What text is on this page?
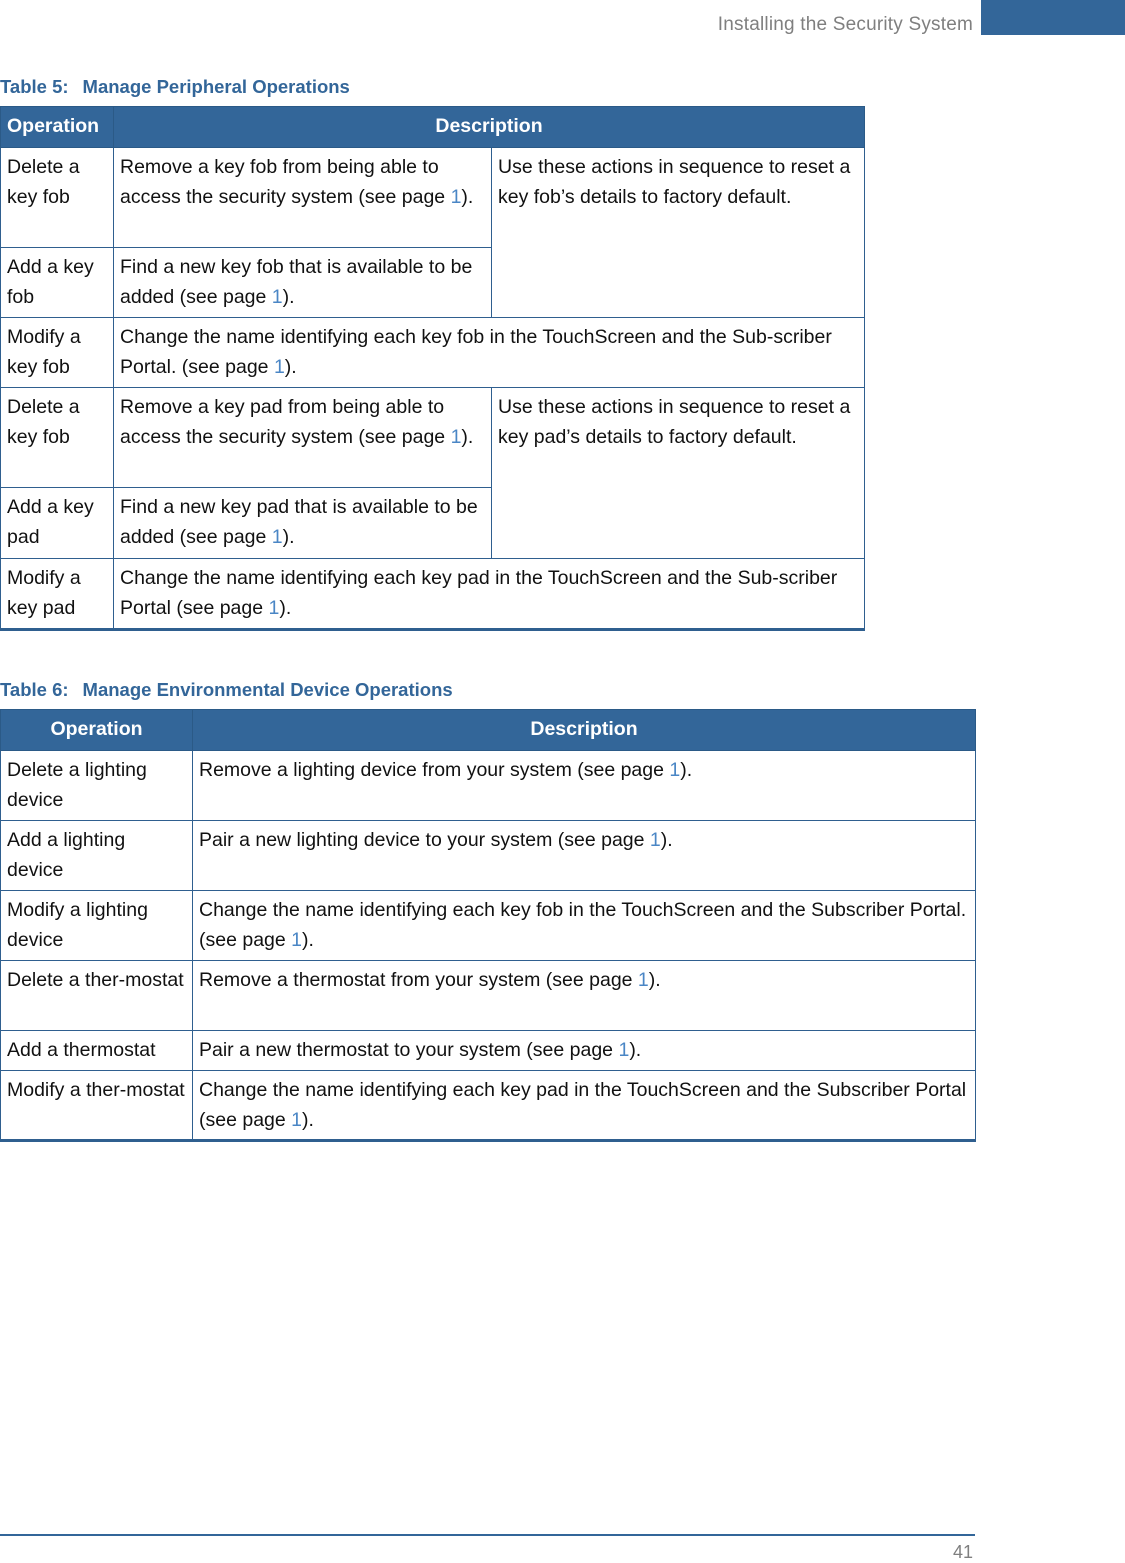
Installing the Security System
Table 5: Manage Peripheral Operations
Operation	Description	
Delete a key fob	Remove a key fob from being able to access the security system (see page 1).	Use these actions in sequence to reset a key fob’s details to factory default.
Add a key fob	Find a new key fob that is available to be added (see page 1).	
Modify a key fob	Change the name identifying each key fob in the TouchScreen and the Sub-scriber Portal. (see page 1).	
Delete a key fob	Remove a key pad from being able to access the security system (see page 1).	Use these actions in sequence to reset a key pad’s details to factory default.
Add a key pad	Find a new key pad that is available to be added (see page 1).	
Modify a key pad	Change the name identifying each key pad in the TouchScreen and the Sub-scriber Portal (see page 1).	
Table 6: Manage Environmental Device Operations
Operation	Description
Delete a lighting device	Remove a lighting device from your system (see page 1).
Add a lighting device	Pair a new lighting device to your system (see page 1).
Modify a lighting device	Change the name identifying each key fob in the TouchScreen and the Subscriber Portal. (see page 1).
Delete a ther-mostat	Remove a thermostat from your system (see page 1).
Add a thermostat	Pair a new thermostat to your system (see page 1).
Modify a ther-mostat	Change the name identifying each key pad in the TouchScreen and the Subscriber Portal (see page 1).
41
